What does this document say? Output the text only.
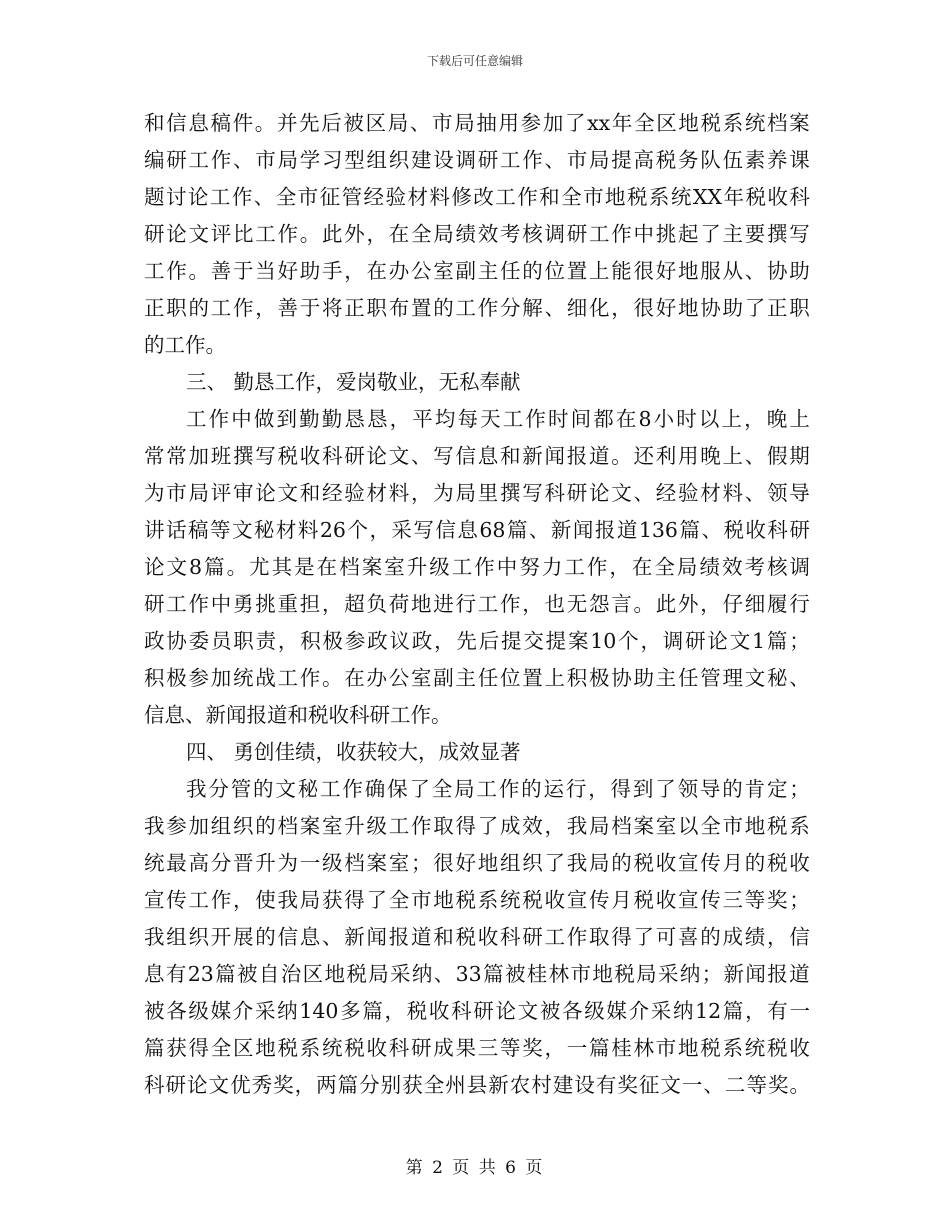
下载后可任意编辑
和 信 息 稿 件 。 并 先 后 被 区 局 、 市 局 抽 用 参 加 了 xx 年 全 区 地 税 系 统 档 案
编 研 工 作 、 市 局 学 习 型 组 织 建 设 调 研 工 作 、 市 局 提 高 税 务 队 伍 素 养 课
题 讨 论 工 作 、 全 市 征 管 经 验 材 料 修 改 工 作 和 全 市 地 税 系 统 XX 年 税 收 科
研 论 文 评 比 工 作 。 此 外 ， 在 全 局 绩 效 考 核 调 研 工 作 中 挑 起 了 主 要 撰 写
工 作 。 善 于 当 好 助 手 ， 在 办 公 室 副 主 任 的 位 置 上 能 很 好 地 服 从 、 协 助
正 职 的 工 作 ， 善 于 将 正 职 布 置 的 工 作 分 解 、 细 化 ， 很 好 地 协 助 了 正 职
的工作。
三、 勤恳工作，爱岗敬业，无私奉献
工 作 中 做 到 勤 勤 恳 恳 ， 平 均 每 天 工 作 时 间 都 在 8 小 时 以 上 ， 晚 上
常 常 加 班 撰 写 税 收 科 研 论 文 、 写 信 息 和 新 闻 报 道 。 还 利 用 晚 上 、 假 期
为 市 局 评 审 论 文 和 经 验 材 料 ， 为 局 里 撰 写 科 研 论 文 、 经 验 材 料 、 领 导
讲 话 稿 等 文 秘 材 料 26 个 ， 采 写 信 息 68 篇 、 新 闻 报 道 136 篇 、 税 收 科 研
论 文 8 篇 。 尤 其 是 在 档 案 室 升 级 工 作 中 努 力 工 作 ， 在 全 局 绩 效 考 核 调
研 工 作 中 勇 挑 重 担 ， 超 负 荷 地 进 行 工 作 ， 也 无 怨 言 。 此 外 ， 仔 细 履 行
政 协 委 员 职 责 ， 积 极 参 政 议 政 ， 先 后 提 交 提 案 10 个 ， 调 研 论 文 1 篇 ；
积 极 参 加 统 战 工 作 。 在 办 公 室 副 主 任 位 置 上 积 极 协 助 主 任 管 理 文 秘 、
信息、新闻报道和税收科研工作。
四、 勇创佳绩，收获较大，成效显著
我 分 管 的 文 秘 工 作 确 保 了 全 局 工 作 的 运 行 ， 得 到 了 领 导 的 肯 定 ；
我 参 加 组 织 的 档 案 室 升 级 工 作 取 得 了 成 效 ， 我 局 档 案 室 以 全 市 地 税 系
统 最 高 分 晋 升 为 一 级 档 案 室 ； 很 好 地 组 织 了 我 局 的 税 收 宣 传 月 的 税 收
宣 传 工 作 ， 使 我 局 获 得 了 全 市 地 税 系 统 税 收 宣 传 月 税 收 宣 传 三 等 奖 ；
我 组 织 开 展 的 信 息 、 新 闻 报 道 和 税 收 科 研 工 作 取 得 了 可 喜 的 成 绩 ， 信
息 有 23 篇 被 自 治 区 地 税 局 采 纳 、 33 篇 被 桂 林 市 地 税 局 采 纳 ； 新 闻 报 道
被 各 级 媒 介 采 纳 140 多 篇 ， 税 收 科 研 论 文 被 各 级 媒 介 采 纳 12 篇 ， 有 一
篇 获 得 全 区 地 税 系 统 税 收 科 研 成 果 三 等 奖 ， 一 篇 桂 林 市 地 税 系 统 税 收
科 研 论 文 优 秀 奖 ， 两 篇 分 别 获 全 州 县 新 农 村 建 设 有 奖 征 文 一 、 二 等 奖 。
第 2 页 共 6 页
